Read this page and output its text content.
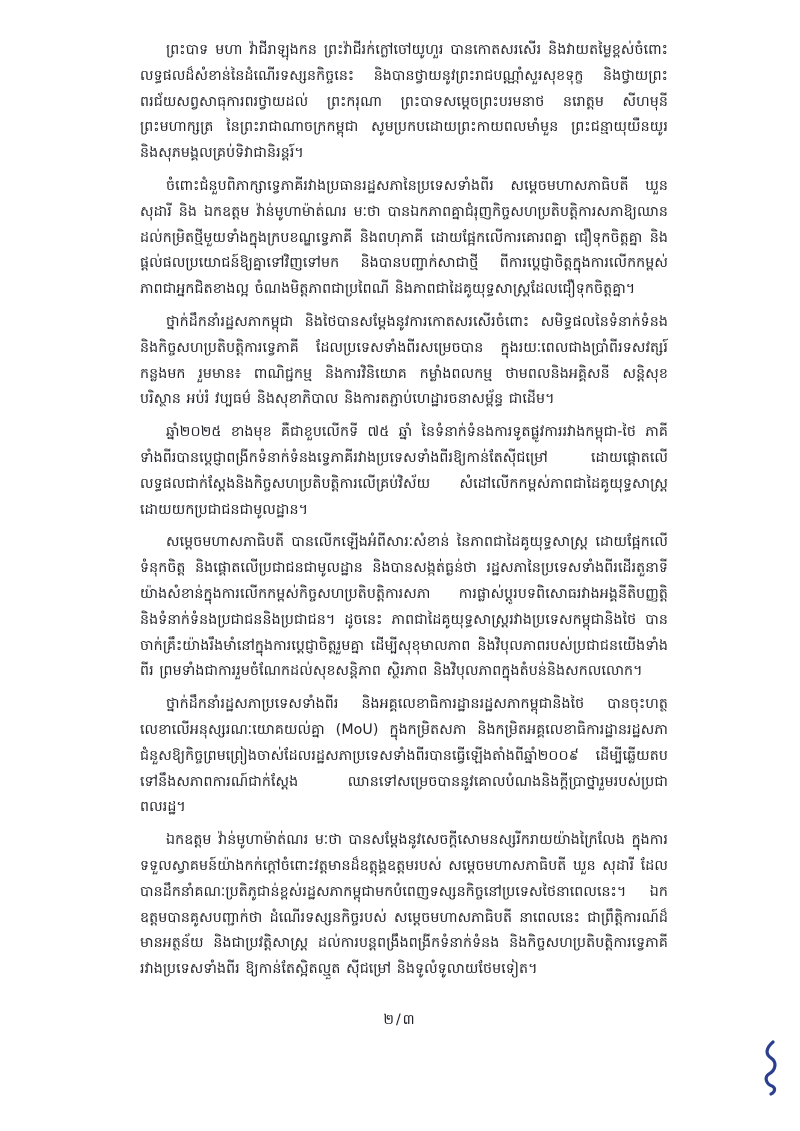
ព្រះបាទ មហា វ៉ាជីរាឡុងកន ព្រះវ៉ាជីរក់ក្លៅចៅយូហួរ បានកោតសរសើរ និងវាយតម្លៃខ្ពស់ចំពោះលទ្ធផលដ៏សំខាន់នៃដំណើរទស្សនកិច្ចនេះ និងបានថ្វាយនូវព្រះរាជបណ្ណាំសួរសុខទុក្ខ និងថ្វាយព្រះពរជ័យសព្វសាធុការពរថ្វាយដល់ ព្រះករុណា ព្រះបាទសម្តេចព្រះបរមនាថ នរោត្តម សីហមុនី ព្រះមហាក្សត្រ នៃព្រះរាជាណាចក្រកម្ពុជា សូមប្រកបដោយព្រះកាយពលមាំមួន ព្រះជន្មាយុយឺនយូរ និងសុភមង្គលគ្រប់ទិវាជានិរន្តរ៍។

ចំពោះជំនួបពិភាក្សាទ្វេភាគីរវាងប្រធានរដ្ឋសភានៃប្រទេសទាំងពីរ សម្តេចមហាសភាធិបតី ឃួន សុដារី និង ឯកឧត្តម វ៉ាន់មូហាម៉ាត់ណរ មៈថា បានឯកភាពគ្នាជំរុញកិច្ចសហប្រតិបត្តិការសភាឱ្យឈានដល់កម្រិតថ្មីមួយទាំងក្នុងក្របខណ្ឌទ្វេភាគី និងពហុភាគី ដោយផ្អែកលើការគោរពគ្នា ជឿទុកចិត្តគ្នា និងផ្តល់ផលប្រយោជន៍ឱ្យគ្នាទៅវិញទៅមក និងបានបញ្ជាក់សាជាថ្មី ពីការប្តេជ្ញាចិត្តក្នុងការលើកកម្ពស់ភាពជាអ្នកជិតខាងល្អ ចំណងមិត្តភាពជាប្រពៃណី និងភាពជាដៃគូយុទ្ធសាស្ត្រដែលជឿទុកចិត្តគ្នា។

ថ្នាក់ដឹកនាំរដ្ឋសភាកម្ពុជា និងថៃបានសម្តែងនូវការកោតសរសើរចំពោះ សមិទ្ធផលនៃទំនាក់ទំនងនិងកិច្ចសហប្រតិបត្តិការទ្វេភាគី ដែលប្រទេសទាំងពីរសម្រេចបាន ក្នុងរយៈពេលជាងប្រាំពីរទសវត្សរ៍កន្លងមក រួមមាន៖ ពាណិជ្ជកម្ម និងការវិនិយោគ កម្លាំងពលកម្ម ថាមពលនិងអគ្គិសនី សន្តិសុខ បរិស្ថាន អប់រំ វប្បធម៌ និងសុខាភិបាល និងការតភ្ជាប់ហេដ្ឋារចនាសម្ព័ន្ធ ជាដើម។

ឆ្នាំ២០២៥ ខាងមុខ គឺជាខួបលើកទី ៧៥ ឆ្នាំ នៃទំនាក់ទំនងការទូតផ្លូវការរវាងកម្ពុជា-ថៃ ភាគីទាំងពីរបានប្តេជ្ញាពង្រីកទំនាក់ទំនងទ្វេភាគីរវាងប្រទេសទាំងពីរឱ្យកាន់តែស៊ីជម្រៅ ដោយផ្តោតលើលទ្ធផលជាក់ស្តែងនិងកិច្ចសហប្រតិបត្តិការលើគ្រប់វិស័យ សំដៅលើកកម្ពស់ភាពជាដៃគូយុទ្ធសាស្ត្រ ដោយយកប្រជាជនជាមូលដ្ឋាន។

សម្តេចមហាសភាធិបតី បានលើកឡើងអំពីសារៈសំខាន់ នៃភាពជាដៃគូយុទ្ធសាស្ត្រ ដោយផ្អែកលើទំនុកចិត្ត និងផ្តោតលើប្រជាជនជាមូលដ្ឋាន និងបានសង្កត់ធ្ងន់ថា រដ្ឋសភានៃប្រទេសទាំងពីរដើរតួនាទីយ៉ាងសំខាន់ក្នុងការលើកកម្ពស់កិច្ចសហប្រតិបត្តិការសភា ការផ្លាស់ប្តូរបទពិសោធរវាងអង្គនីតិបញ្ញត្តិ និងទំនាក់ទំនងប្រជាជននិងប្រជាជន។ ដូចនេះ ភាពជាដៃគូយុទ្ធសាស្ត្ររវាងប្រទេសកម្ពុជានិងថៃ បានចាក់គ្រឹះយ៉ាងរឹងមាំនៅក្នុងការប្តេជ្ញាចិត្តរួមគ្នា ដើម្បីសុខុមាលភាព និងវិបុលភាពរបស់ប្រជាជនយើងទាំងពីរ ព្រមទាំងជាការរួមចំណែកដល់សុខសន្តិភាព ស្ថិរភាព និងវិបុលភាពក្នុងតំបន់និងសកលលោក។

ថ្នាក់ដឹកនាំរដ្ឋសភាប្រទេសទាំងពីរ និងអគ្គលេខាធិការដ្ឋានរដ្ឋសភាកម្ពុជានិងថៃ បានចុះហត្ថលេខាលើអនុស្សរណៈយោគយល់គ្នា (MoU) ក្នុងកម្រិតសភា និងកម្រិតអគ្គលេខាធិការដ្ឋានរដ្ឋសភា ជំនួសឱ្យកិច្ចព្រមព្រៀងចាស់ដែលរដ្ឋសភាប្រទេសទាំងពីរបានធ្វើឡើងតាំងពីឆ្នាំ២០០៩ ដើម្បីឆ្លើយតបទៅនឹងសភាពការណ៍ជាក់ស្តែង ឈានទៅសម្រេចបាននូវគោលបំណងនិងក្តីប្រាថ្នារួមរបស់ប្រជាពលរដ្ឋ។

ឯកឧត្តម វ៉ាន់មូហាម៉ាត់ណរ មៈថា បានសម្តែងនូវសេចក្តីសោមនស្សរីករាយយ៉ាងក្រៃលែង ក្នុងការទទួលស្វាគមន៍យ៉ាងកក់ក្តៅចំពោះវត្តមានដ៏ឧត្តុង្គឧត្តមរបស់ សម្តេចមហាសភាធិបតី ឃួន សុដារី ដែលបានដឹកនាំគណៈប្រតិភូជាន់ខ្ពស់រដ្ឋសភាកម្ពុជាមកបំពេញទស្សនកិច្ចនៅប្រទេសថៃនាពេលនេះ។ ឯកឧត្តមបានគូសបញ្ជាក់ថា ដំណើរទស្សនកិច្ចរបស់ សម្តេចមហាសភាធិបតី នាពេលនេះ ជាព្រឹត្តិការណ៍ដ៏មានអត្ថន័យ និងជាប្រវត្តិសាស្ត្រ ដល់ការបន្តពង្រឹងពង្រីកទំនាក់ទំនង និងកិច្ចសហប្រតិបត្តិការទ្វេភាគីរវាងប្រទេសទាំងពីរ ឱ្យកាន់តែស្អិតល្មួត ស៊ីជម្រៅ និងទូលំទូលាយថែមទៀត។

២/៣
